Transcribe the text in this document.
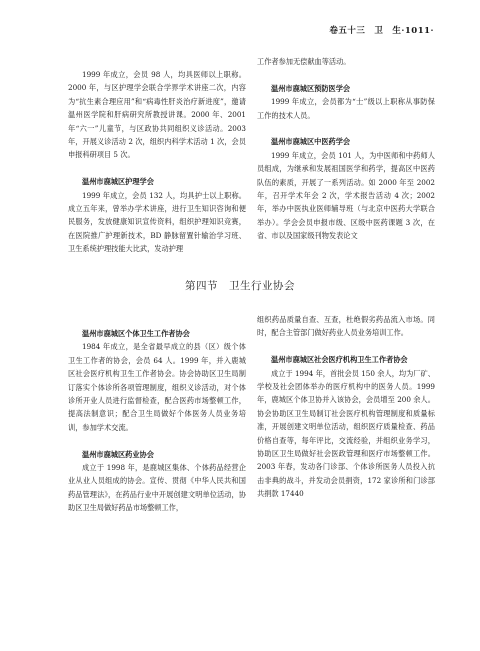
卷五十三　卫　生·1011·

1999 年成立，会员 98 人，均具医师以上职称。2000 年，与区护理学会联合学界学术讲座二次，内容为“抗生素合理应用”和“病毒性肝炎治疗新进度”，邀请温州医学院和肝病研究所教授讲课。2000 年、2001 年“六一”儿童节，与区政协共同组织义诊活动。2003 年，开展义诊活动 2 次，组织内科学术活动 1 次，会员申报科研项目 5 次。

温州市鹿城区护理学会

1999 年成立，会员 132 人，均具护士以上职称。成立五年来，曾举办学术讲座，进行卫生知识咨询和便民服务，发放健康知识宣传资料，组织护理知识竞赛，在医院推广护理新技术，BD 静脉留置针输治学习班、卫生系统护理技能大比武，发动护理

工作者参加无偿献血等活动。

温州市鹿城区预防医学会

1999 年成立，会员都为“士”级以上职称从事防保工作的技术人员。

温州市鹿城区中医药学会

1999 年成立，会员 101 人，为中医师和中药师人员组成，为继承和发展祖国医学和药学，提高区中医药队伍的素质，开展了一系列活动。如 2000 年至 2002 年，召开学术年会 2 次，学术报告活动 4 次；2002 年，举办中医执业医师辅导班（与北京中医药大学联合举办）。学会会员申报市级、区级中医药课题 3 次，在省、市以及国家级刊物发表论文

第四节　卫生行业协会
温州市鹿城区个体卫生工作者协会

1984 年成立，是全省最早成立的县（区）级个体卫生工作者的协会，会员 64 人。1999 年，并入鹿城区社会医疗机构卫生工作者协会。协会协助区卫生局制订落实个体诊所各项管理制度，组织义诊活动，对个体诊所开业人员进行监督检查，配合医药市场整顿工作，提高法制意识；配合卫生局做好个体医务人员业务培训，参加学术交流。

温州市鹿城区药业协会

成立于 1998 年，是鹿城区集体、个体药品经营企业从业人员组成的协会。宣传、贯彻《中华人民共和国药品管理法》，在药品行业中开展创建文明单位活动，协助区卫生局做好药品市场整顿工作，

组织药品质量自查、互查，杜绝假劣药品流入市场。同时，配合主管部门做好药业人员业务培训工作。

温州市鹿城区社会医疗机构卫生工作者协会

成立于 1994 年，首批会员 150 余人，均为厂矿、学校及社会团体举办的医疗机构中的医务人员。1999 年，鹿城区个体卫协并入该协会，会员增至 200 余人。协会协助区卫生局制订社会医疗机构管理制度和质量标准，开展创建文明单位活动，组织医疗质量检查、药品价格自查等，每年评比，交流经验，并组织业务学习，协助区卫生局做好社会医政管理和医疗市场整顿工作。2003 年春，发动各门诊部、个体诊所医务人员投入抗击非典的战斗，并发动会员捐资，172 家诊所和门诊部共捐款 17440
